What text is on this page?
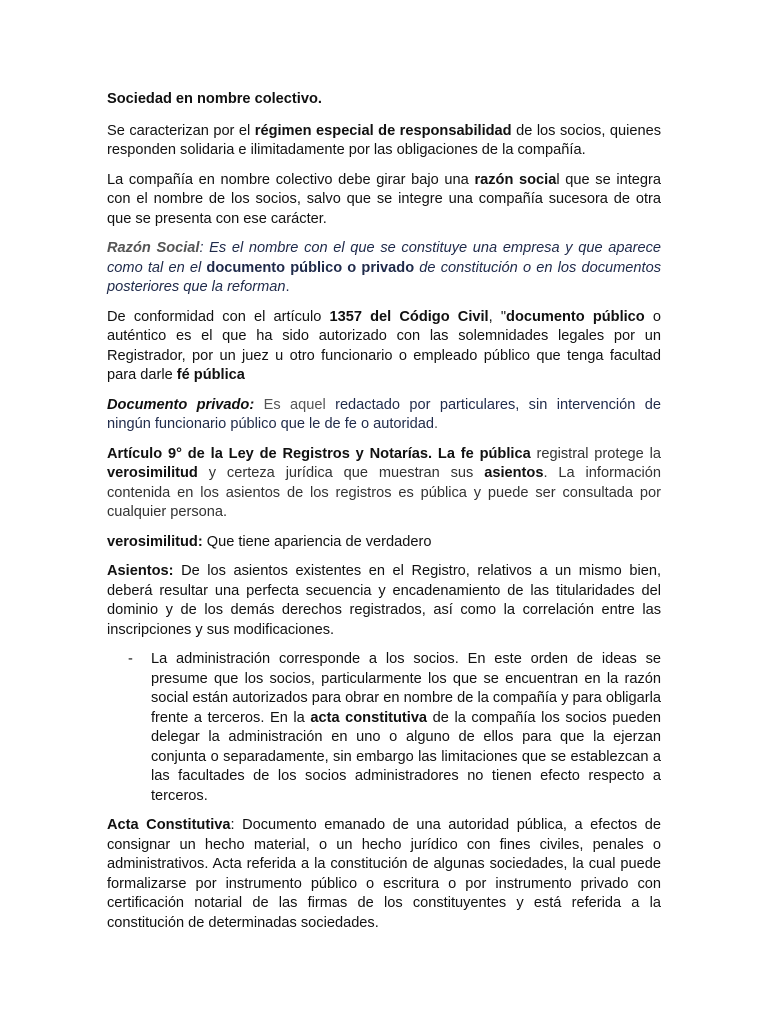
Sociedad en nombre colectivo.

Se caracterizan por el régimen especial de responsabilidad de los socios, quienes responden solidaria e ilimitadamente por las obligaciones de la compañía.

La compañía en nombre colectivo debe girar bajo una razón social que se integra con el nombre de los socios, salvo que se integre una compañía sucesora de otra que se presenta con ese carácter.

Razón Social: Es el nombre con el que se constituye una empresa y que aparece como tal en el documento público o privado de constitución o en los documentos posteriores que la reforman.

De conformidad con el artículo 1357 del Código Civil, "documento público o auténtico es el que ha sido autorizado con las solemnidades legales por un Registrador, por un juez u otro funcionario o empleado público que tenga facultad para darle fé pública

Documento privado: Es aquel redactado por particulares, sin intervención de ningún funcionario público que le de fe o autoridad.

Artículo 9° de la Ley de Registros y Notarías. La fe pública registral protege la verosimilitud y certeza jurídica que muestran sus asientos. La información contenida en los asientos de los registros es pública y puede ser consultada por cualquier persona.

verosimilitud: Que tiene apariencia de verdadero

Asientos: De los asientos existentes en el Registro, relativos a un mismo bien, deberá resultar una perfecta secuencia y encadenamiento de las titularidades del dominio y de los demás derechos registrados, así como la correlación entre las inscripciones y sus modificaciones.

- La administración corresponde a los socios. En este orden de ideas se presume que los socios, particularmente los que se encuentran en la razón social están autorizados para obrar en nombre de la compañía y para obligarla frente a terceros. En la acta constitutiva de la compañía los socios pueden delegar la administración en uno o alguno de ellos para que la ejerzan conjunta o separadamente, sin embargo las limitaciones que se establezcan a las facultades de los socios administradores no tienen efecto respecto a terceros.

Acta Constitutiva: Documento emanado de una autoridad pública, a efectos de consignar un hecho material, o un hecho jurídico con fines civiles, penales o administrativos. Acta referida a la constitución de algunas sociedades, la cual puede formalizarse por instrumento público o escritura o por instrumento privado con certificación notarial de las firmas de los constituyentes y está referida a la constitución de determinadas sociedades.
